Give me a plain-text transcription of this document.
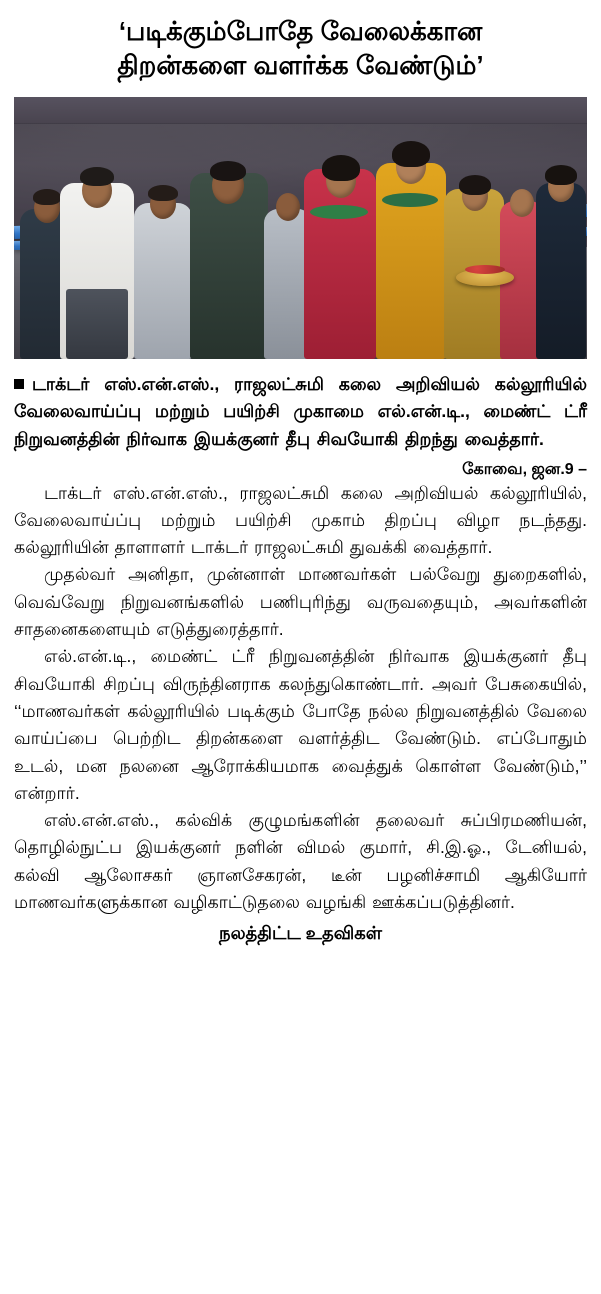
‘படிக்கும்போதே வேலைக்கான
திறன்களை வளர்க்க வேண்டும்’
டாக்டர் எஸ்.என்.எஸ்., ராஜலட்சுமி கலை அறிவியல் கல்லூரியில் வேலைவாய்ப்பு மற்றும் பயிற்சி முகாமை எல்.என்.டி., மைண்ட் ட்ரீ நிறுவனத்தின் நிர்வாக இயக்குனர் தீபு சிவயோகி திறந்து வைத்தார்.
கோவை, ஜன.9 –

டாக்டர் எஸ்.என்.எஸ்., ராஜலட்சுமி கலை அறிவியல் கல்லூரியில், வேலைவாய்ப்பு மற்றும் பயிற்சி முகாம் திறப்பு விழா நடந்தது. கல்லூரியின் தாளாளர் டாக்டர் ராஜலட்சுமி துவக்கி வைத்தார்.

முதல்வர் அனிதா, முன்னாள் மாணவர்கள் பல்வேறு துறைகளில், வெவ்வேறு நிறுவனங்களில் பணிபுரிந்து வருவதையும், அவர்களின் சாதனைகளையும் எடுத்துரைத்தார்.

எல்.என்.டி., மைண்ட் ட்ரீ நிறுவனத்தின் நிர்வாக இயக்குனர் தீபு சிவயோகி சிறப்பு விருந்தினராக கலந்துகொண்டார். அவர் பேசுகையில், ‘‘மாணவர்கள் கல்லூரியில் படிக்கும் போதே நல்ல நிறுவனத்தில் வேலை வாய்ப்பை பெற்றிட திறன்களை வளர்த்திட வேண்டும். எப்போதும் உடல், மன நலனை ஆரோக்கியமாக வைத்துக் கொள்ள வேண்டும்,’’ என்றார்.

எஸ்.என்.எஸ்., கல்விக் குழுமங்களின் தலைவர் சுப்பிரமணியன், தொழில்நுட்ப இயக்குனர் நளின் விமல் குமார், சி.இ.ஓ., டேனியல், கல்வி ஆலோசகர் ஞானசேகரன், டீன் பழனிச்சாமி ஆகியோர் மாணவர்களுக்கான வழிகாட்டுதலை வழங்கி ஊக்கப்படுத்தினர்.

நலத்திட்ட உதவிகள்
